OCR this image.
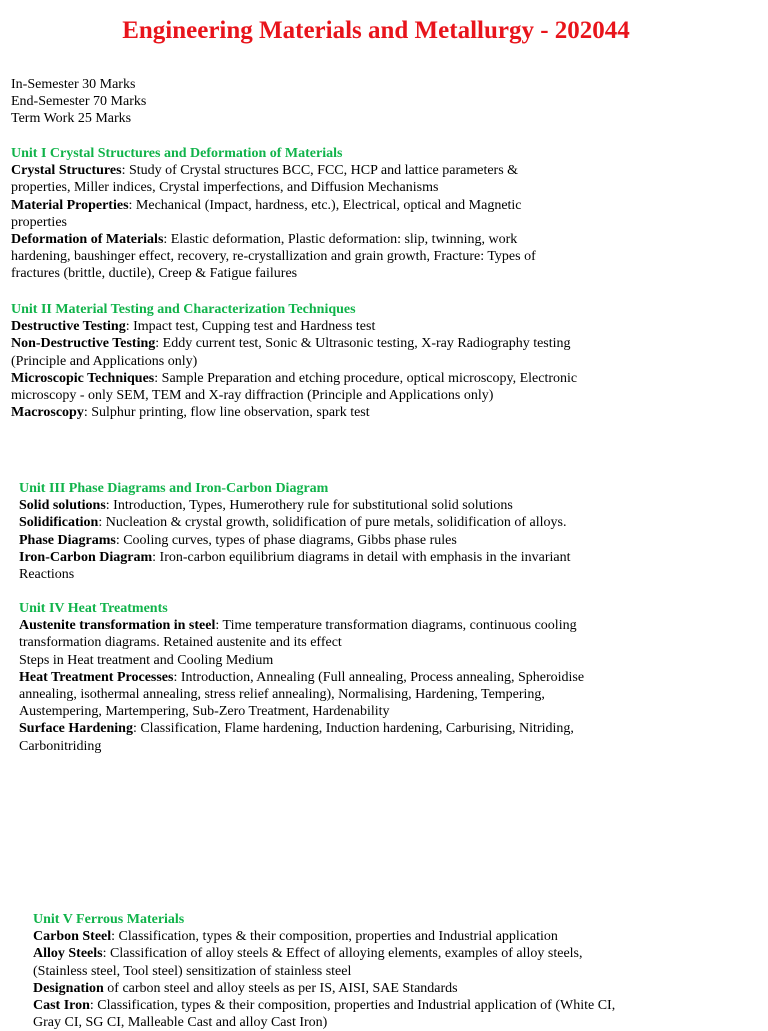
Engineering Materials and Metallurgy - 202044
In-Semester 30 Marks
End-Semester 70 Marks
Term Work 25 Marks
Unit I Crystal Structures and Deformation of Materials
Crystal Structures: Study of Crystal structures BCC, FCC, HCP and lattice parameters & properties, Miller indices, Crystal imperfections, and Diffusion Mechanisms
Material Properties: Mechanical (Impact, hardness, etc.), Electrical, optical and Magnetic properties
Deformation of Materials: Elastic deformation, Plastic deformation: slip, twinning, work hardening, baushinger effect, recovery, re-crystallization and grain growth, Fracture: Types of fractures (brittle, ductile), Creep & Fatigue failures
Unit II Material Testing and Characterization Techniques
Destructive Testing: Impact test, Cupping test and Hardness test
Non-Destructive Testing: Eddy current test, Sonic & Ultrasonic testing, X-ray Radiography testing (Principle and Applications only)
Microscopic Techniques: Sample Preparation and etching procedure, optical microscopy, Electronic microscopy - only SEM, TEM and X-ray diffraction (Principle and Applications only)
Macroscopy: Sulphur printing, flow line observation, spark test
Unit III Phase Diagrams and Iron-Carbon Diagram
Solid solutions: Introduction, Types, Humerothery rule for substitutional solid solutions
Solidification: Nucleation & crystal growth, solidification of pure metals, solidification of alloys.
Phase Diagrams: Cooling curves, types of phase diagrams, Gibbs phase rules
Iron-Carbon Diagram: Iron-carbon equilibrium diagrams in detail with emphasis in the invariant Reactions
Unit IV Heat Treatments
Austenite transformation in steel: Time temperature transformation diagrams, continuous cooling transformation diagrams. Retained austenite and its effect
Steps in Heat treatment and Cooling Medium
Heat Treatment Processes: Introduction, Annealing (Full annealing, Process annealing, Spheroidise annealing, isothermal annealing, stress relief annealing), Normalising, Hardening, Tempering, Austempering, Martempering, Sub-Zero Treatment, Hardenability
Surface Hardening: Classification, Flame hardening, Induction hardening, Carburising, Nitriding, Carbonitriding
Unit V Ferrous Materials
Carbon Steel: Classification, types & their composition, properties and Industrial application
Alloy Steels: Classification of alloy steels & Effect of alloying elements, examples of alloy steels, (Stainless steel, Tool steel) sensitization of stainless steel
Designation of carbon steel and alloy steels as per IS, AISI, SAE Standards
Cast Iron: Classification, types & their composition, properties and Industrial application of (White CI, Gray CI, SG CI, Malleable Cast and alloy Cast Iron)
